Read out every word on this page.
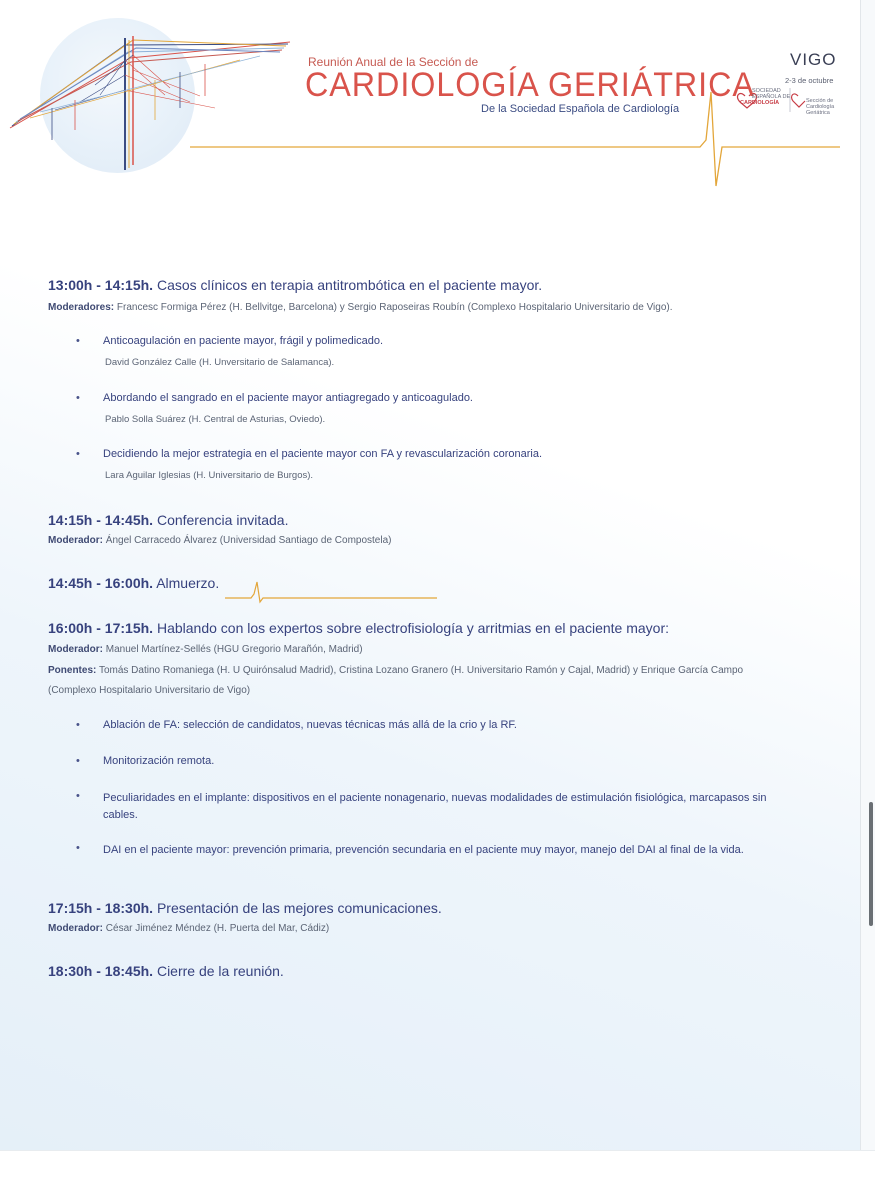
Reunión Anual de la Sección de
CARDIOLOGÍA GERIÁTRICA
De la Sociedad Española de Cardiología
VIGO
2-3 de octubre
SOCIEDAD
ESPAÑOLA DE
CARDIOLOGÍA	Sección de
Cardiología
Geriátrica
13:00h - 14:15h. Casos clínicos en terapia antitrombótica en el paciente mayor.
Moderadores: Francesc Formiga Pérez (H. Bellvitge, Barcelona) y Sergio Raposeiras Roubín (Complexo Hospitalario Universitario de Vigo).
• Anticoagulación en paciente mayor, frágil y polimedicado.
David González Calle (H. Unversitario de Salamanca).
• Abordando el sangrado en el paciente mayor antiagregado y anticoagulado.
Pablo Solla Suárez (H. Central de Asturias, Oviedo).
• Decidiendo la mejor estrategia en el paciente mayor con FA y revascularización coronaria.
Lara Aguilar Iglesias (H. Universitario de Burgos).
14:15h - 14:45h. Conferencia invitada.
Moderador: Ángel Carracedo Álvarez (Universidad Santiago de Compostela)
14:45h - 16:00h. Almuerzo.
16:00h - 17:15h. Hablando con los expertos sobre electrofisiología y arritmias en el paciente mayor:
Moderador: Manuel Martínez-Sellés (HGU Gregorio Marañón, Madrid)
Ponentes: Tomás Datino Romaniega (H. U Quirónsalud Madrid), Cristina Lozano Granero (H. Universitario Ramón y Cajal, Madrid) y Enrique García Campo
(Complexo Hospitalario Universitario de Vigo)
• Ablación de FA: selección de candidatos, nuevas técnicas más allá de la crio y la RF.
• Monitorización remota.
• Peculiaridades en el implante: dispositivos en el paciente nonagenario, nuevas modalidades de estimulación fisiológica, marcapasos sin cables.
• DAI en el paciente mayor: prevención primaria, prevención secundaria en el paciente muy mayor, manejo del DAI al final de la vida.
17:15h - 18:30h. Presentación de las mejores comunicaciones.
Moderador: César Jiménez Méndez (H. Puerta del Mar, Cádiz)
18:30h - 18:45h. Cierre de la reunión.
